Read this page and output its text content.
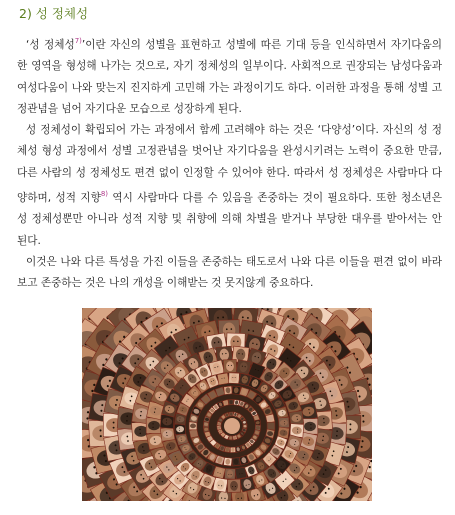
2) 성 정체성

‘성 정체성$^{7)}$’이란 자신의 성별을 표현하고 성별에 따른 기대 등을 인식하면서 자기다움의 한 영역을 형성해 나가는 것으로, 자기 정체성의 일부이다. 사회적으로 권장되는 남성다움과 여성다움이 나와 맞는지 진지하게 고민해 가는 과정이기도 하다. 이러한 과정을 통해 성별 고정관념을 넘어 자기다운 모습으로 성장하게 된다.

성 정체성이 확립되어 가는 과정에서 함께 고려해야 하는 것은 ‘다양성’이다. 자신의 성 정체성 형성 과정에서 성별 고정관념을 벗어난 자기다움을 완성시키려는 노력이 중요한 만큼, 다른 사람의 성 정체성도 편견 없이 인정할 수 있어야 한다. 따라서 성 정체성은 사람마다 다양하며, 성적 지향$^{8)}$ 역시 사람마다 다를 수 있음을 존중하는 것이 필요하다. 또한 청소년은 성 정체성뿐만 아니라 성적 지향 및 취향에 의해 차별을 받거나 부당한 대우를 받아서는 안 된다.

이것은 나와 다른 특성을 가진 이들을 존중하는 태도로서 나와 다른 이들을 편견 없이 바라보고 존중하는 것은 나의 개성을 이해받는 것 못지않게 중요하다.
